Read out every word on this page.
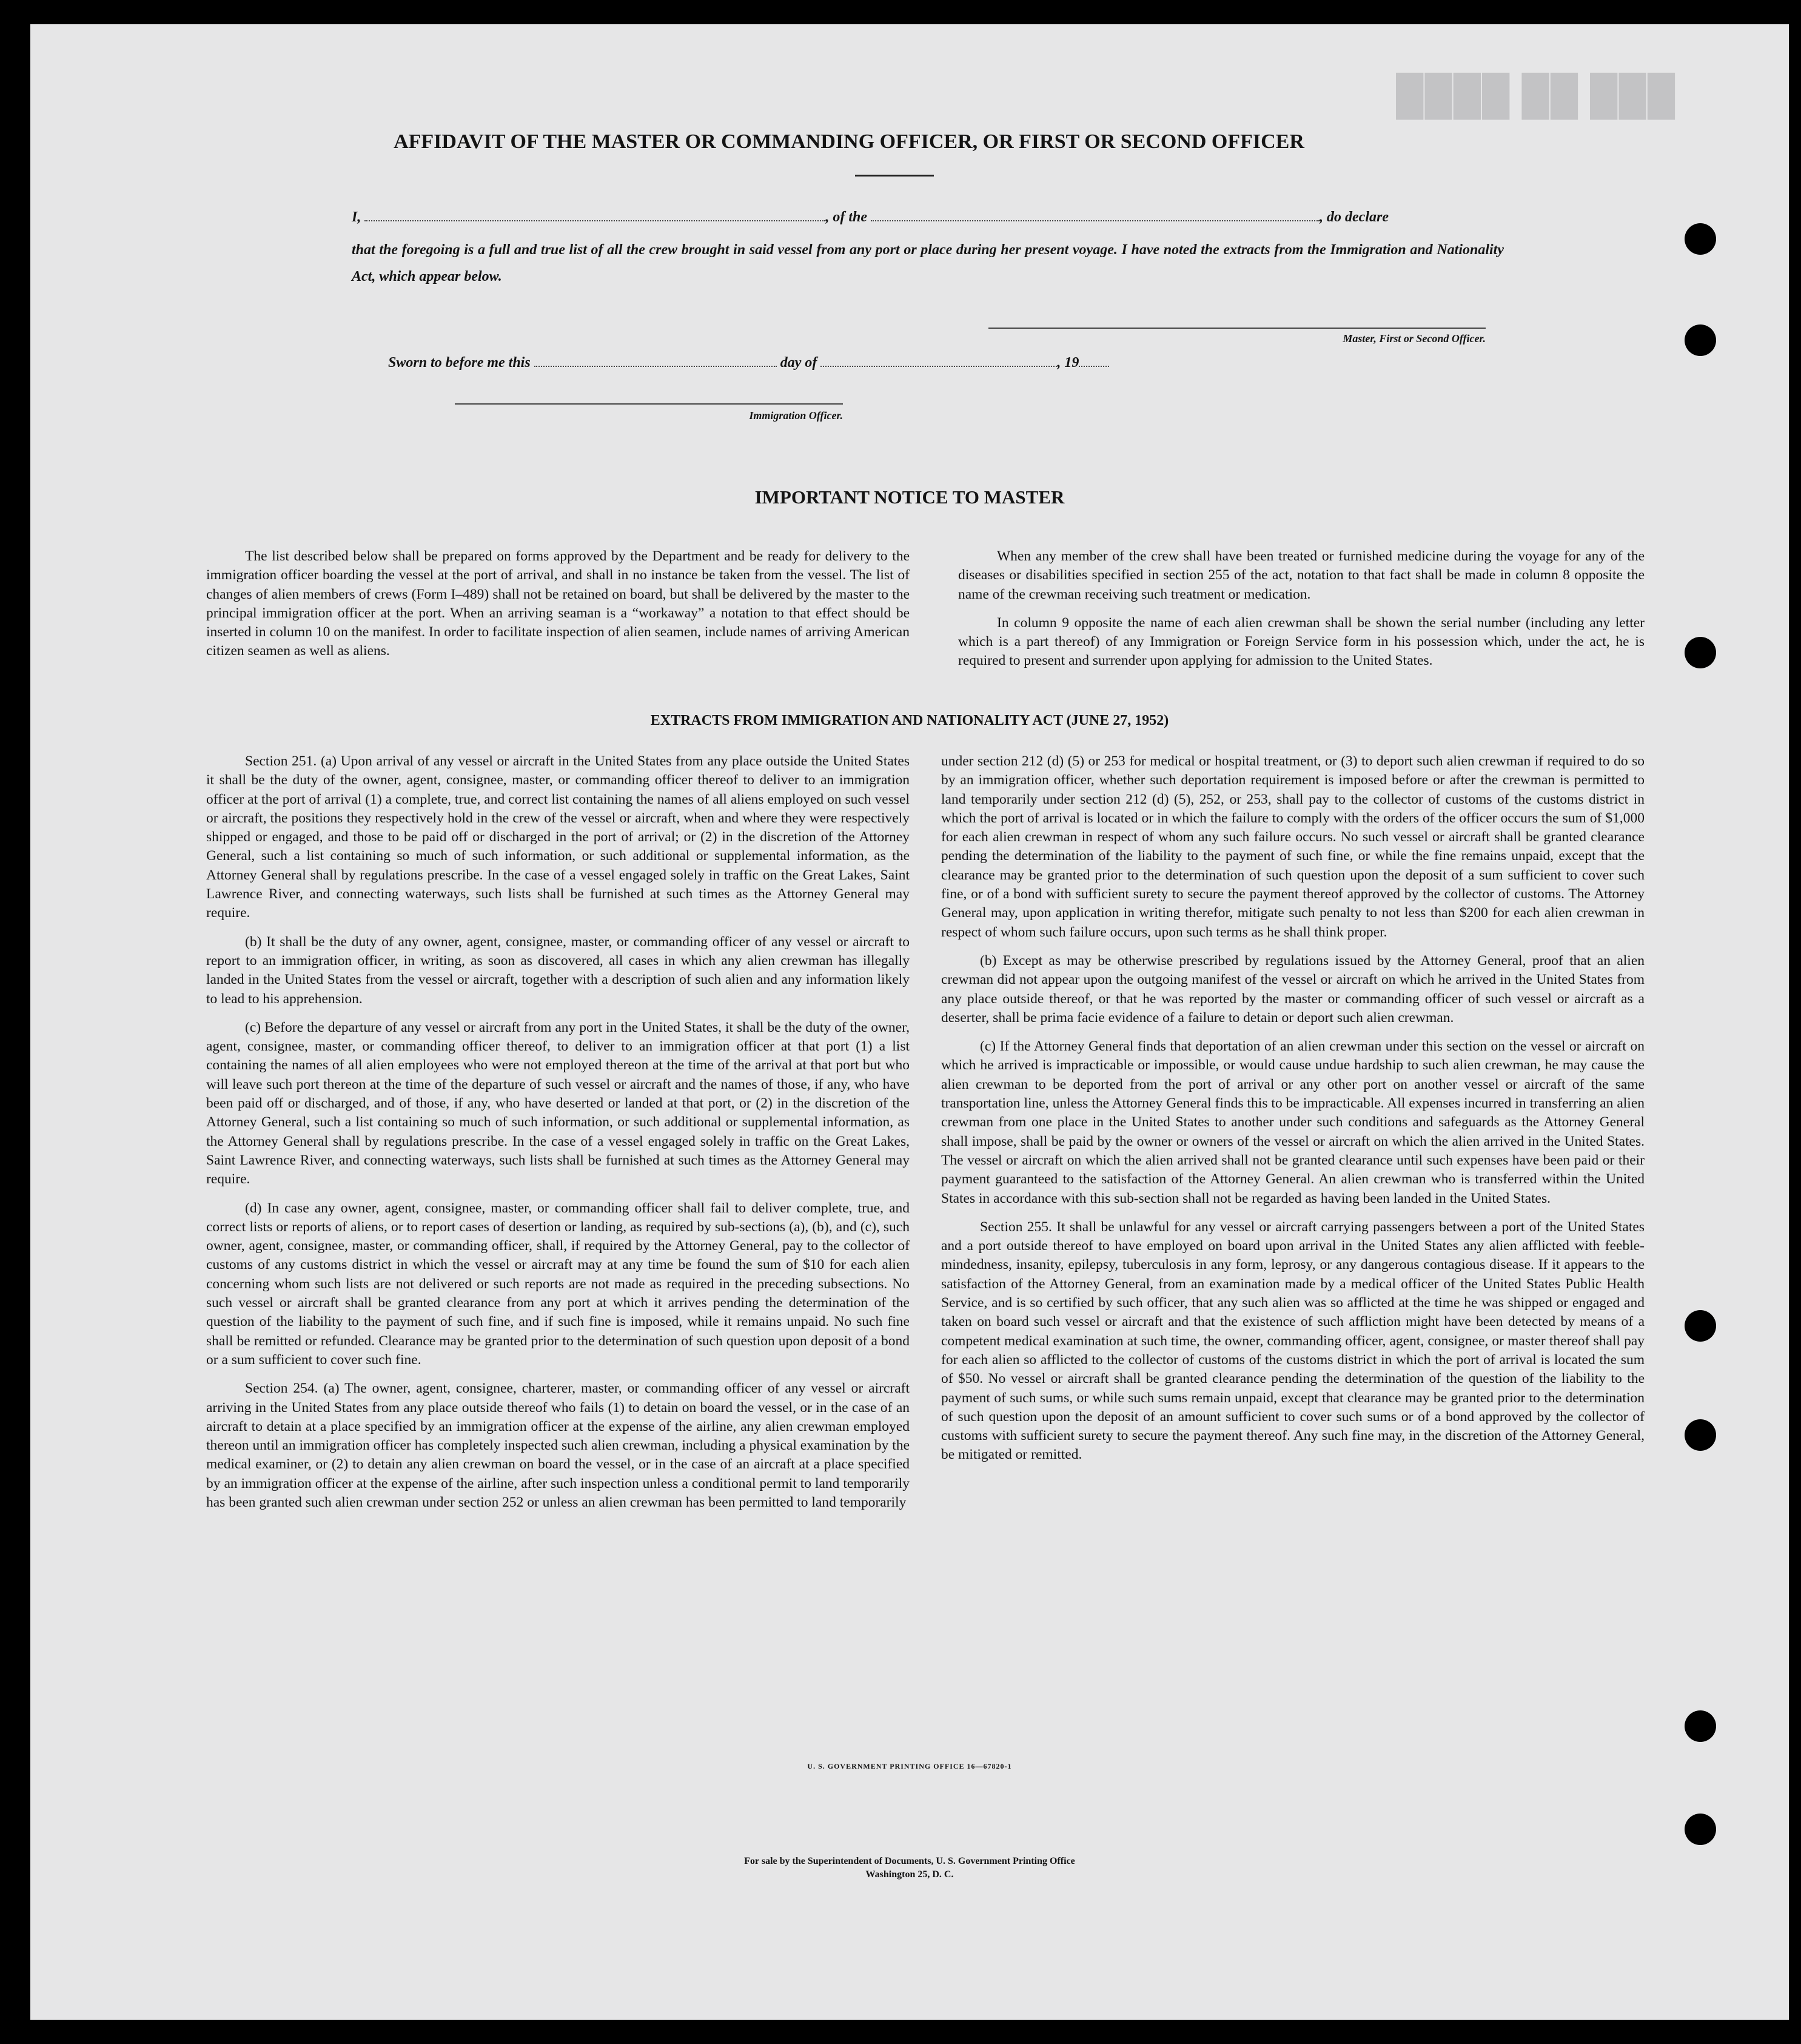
███ ██ ████
AFFIDAVIT OF THE MASTER OR COMMANDING OFFICER, OR FIRST OR SECOND OFFICER
I,	, of the	, do declare
that the foregoing is a full and true list of all the crew brought in said vessel from any port or place during her present voyage. I have noted the extracts from the Immigration and Nationality Act, which appear below.
Master, First or Second Officer.
Sworn to before me this	day of	, 19
Immigration Officer.
IMPORTANT NOTICE TO MASTER

The list described below shall be prepared on forms approved by the Department and be ready for delivery to the immigration officer boarding the vessel at the port of arrival, and shall in no instance be taken from the vessel. The list of changes of alien members of crews (Form I–489) shall not be retained on board, but shall be delivered by the master to the principal immigration officer at the port. When an arriving seaman is a “workaway” a notation to that effect should be inserted in column 10 on the manifest. In order to facilitate inspection of alien seamen, include names of arriving American citizen seamen as well as aliens.

When any member of the crew shall have been treated or furnished medicine during the voyage for any of the diseases or disabilities specified in section 255 of the act, notation to that fact shall be made in column 8 opposite the name of the crewman receiving such treatment or medication.

In column 9 opposite the name of each alien crewman shall be shown the serial number (including any letter which is a part thereof) of any Immigration or Foreign Service form in his possession which, under the act, he is required to present and surrender upon applying for admission to the United States.

EXTRACTS FROM IMMIGRATION AND NATIONALITY ACT (JUNE 27, 1952)

Section 251. (a) Upon arrival of any vessel or aircraft in the United States from any place outside the United States it shall be the duty of the owner, agent, consignee, master, or commanding officer thereof to deliver to an immigration officer at the port of arrival (1) a complete, true, and correct list containing the names of all aliens employed on such vessel or aircraft, the positions they respectively hold in the crew of the vessel or aircraft, when and where they were respectively shipped or engaged, and those to be paid off or discharged in the port of arrival; or (2) in the discretion of the Attorney General, such a list containing so much of such information, or such additional or supplemental information, as the Attorney General shall by regulations prescribe. In the case of a vessel engaged solely in traffic on the Great Lakes, Saint Lawrence River, and connecting waterways, such lists shall be furnished at such times as the Attorney General may require.

(b) It shall be the duty of any owner, agent, consignee, master, or commanding officer of any vessel or aircraft to report to an immigration officer, in writing, as soon as discovered, all cases in which any alien crewman has illegally landed in the United States from the vessel or aircraft, together with a description of such alien and any information likely to lead to his apprehension.

(c) Before the departure of any vessel or aircraft from any port in the United States, it shall be the duty of the owner, agent, consignee, master, or commanding officer thereof, to deliver to an immigration officer at that port (1) a list containing the names of all alien employees who were not employed thereon at the time of the arrival at that port but who will leave such port thereon at the time of the departure of such vessel or aircraft and the names of those, if any, who have been paid off or discharged, and of those, if any, who have deserted or landed at that port, or (2) in the discretion of the Attorney General, such a list containing so much of such information, or such additional or supplemental information, as the Attorney General shall by regulations prescribe. In the case of a vessel engaged solely in traffic on the Great Lakes, Saint Lawrence River, and connecting waterways, such lists shall be furnished at such times as the Attorney General may require.

(d) In case any owner, agent, consignee, master, or commanding officer shall fail to deliver complete, true, and correct lists or reports of aliens, or to report cases of desertion or landing, as required by sub-sections (a), (b), and (c), such owner, agent, consignee, master, or commanding officer, shall, if required by the Attorney General, pay to the collector of customs of any customs district in which the vessel or aircraft may at any time be found the sum of $10 for each alien concerning whom such lists are not delivered or such reports are not made as required in the preceding subsections. No such vessel or aircraft shall be granted clearance from any port at which it arrives pending the determination of the question of the liability to the payment of such fine, and if such fine is imposed, while it remains unpaid. No such fine shall be remitted or refunded. Clearance may be granted prior to the determination of such question upon deposit of a bond or a sum sufficient to cover such fine.

Section 254. (a) The owner, agent, consignee, charterer, master, or commanding officer of any vessel or aircraft arriving in the United States from any place outside thereof who fails (1) to detain on board the vessel, or in the case of an aircraft to detain at a place specified by an immigration officer at the expense of the airline, any alien crewman employed thereon until an immigration officer has completely inspected such alien crewman, including a physical examination by the medical examiner, or (2) to detain any alien crewman on board the vessel, or in the case of an aircraft at a place specified by an immigration officer at the expense of the airline, after such inspection unless a conditional permit to land temporarily has been granted such alien crewman under section 252 or unless an alien crewman has been permitted to land temporarily

under section 212 (d) (5) or 253 for medical or hospital treatment, or (3) to deport such alien crewman if required to do so by an immigration officer, whether such deportation requirement is imposed before or after the crewman is permitted to land temporarily under section 212 (d) (5), 252, or 253, shall pay to the collector of customs of the customs district in which the port of arrival is located or in which the failure to comply with the orders of the officer occurs the sum of $1,000 for each alien crewman in respect of whom any such failure occurs. No such vessel or aircraft shall be granted clearance pending the determination of the liability to the payment of such fine, or while the fine remains unpaid, except that the clearance may be granted prior to the determination of such question upon the deposit of a sum sufficient to cover such fine, or of a bond with sufficient surety to secure the payment thereof approved by the collector of customs. The Attorney General may, upon application in writing therefor, mitigate such penalty to not less than $200 for each alien crewman in respect of whom such failure occurs, upon such terms as he shall think proper.

(b) Except as may be otherwise prescribed by regulations issued by the Attorney General, proof that an alien crewman did not appear upon the outgoing manifest of the vessel or aircraft on which he arrived in the United States from any place outside thereof, or that he was reported by the master or commanding officer of such vessel or aircraft as a deserter, shall be prima facie evidence of a failure to detain or deport such alien crewman.

(c) If the Attorney General finds that deportation of an alien crewman under this section on the vessel or aircraft on which he arrived is impracticable or impossible, or would cause undue hardship to such alien crewman, he may cause the alien crewman to be deported from the port of arrival or any other port on another vessel or aircraft of the same transportation line, unless the Attorney General finds this to be impracticable. All expenses incurred in transferring an alien crewman from one place in the United States to another under such conditions and safeguards as the Attorney General shall impose, shall be paid by the owner or owners of the vessel or aircraft on which the alien arrived in the United States. The vessel or aircraft on which the alien arrived shall not be granted clearance until such expenses have been paid or their payment guaranteed to the satisfaction of the Attorney General. An alien crewman who is transferred within the United States in accordance with this sub-section shall not be regarded as having been landed in the United States.

Section 255. It shall be unlawful for any vessel or aircraft carrying passengers between a port of the United States and a port outside thereof to have employed on board upon arrival in the United States any alien afflicted with feeble-mindedness, insanity, epilepsy, tuberculosis in any form, leprosy, or any dangerous contagious disease. If it appears to the satisfaction of the Attorney General, from an examination made by a medical officer of the United States Public Health Service, and is so certified by such officer, that any such alien was so afflicted at the time he was shipped or engaged and taken on board such vessel or aircraft and that the existence of such affliction might have been detected by means of a competent medical examination at such time, the owner, commanding officer, agent, consignee, or master thereof shall pay for each alien so afflicted to the collector of customs of the customs district in which the port of arrival is located the sum of $50. No vessel or aircraft shall be granted clearance pending the determination of the question of the liability to the payment of such sums, or while such sums remain unpaid, except that clearance may be granted prior to the determination of such question upon the deposit of an amount sufficient to cover such sums or of a bond approved by the collector of customs with sufficient surety to secure the payment thereof. Any such fine may, in the discretion of the Attorney General, be mitigated or remitted.

U. S. GOVERNMENT PRINTING OFFICE 16—67820-1
For sale by the Superintendent of Documents, U. S. Government Printing Office
Washington 25, D. C.
